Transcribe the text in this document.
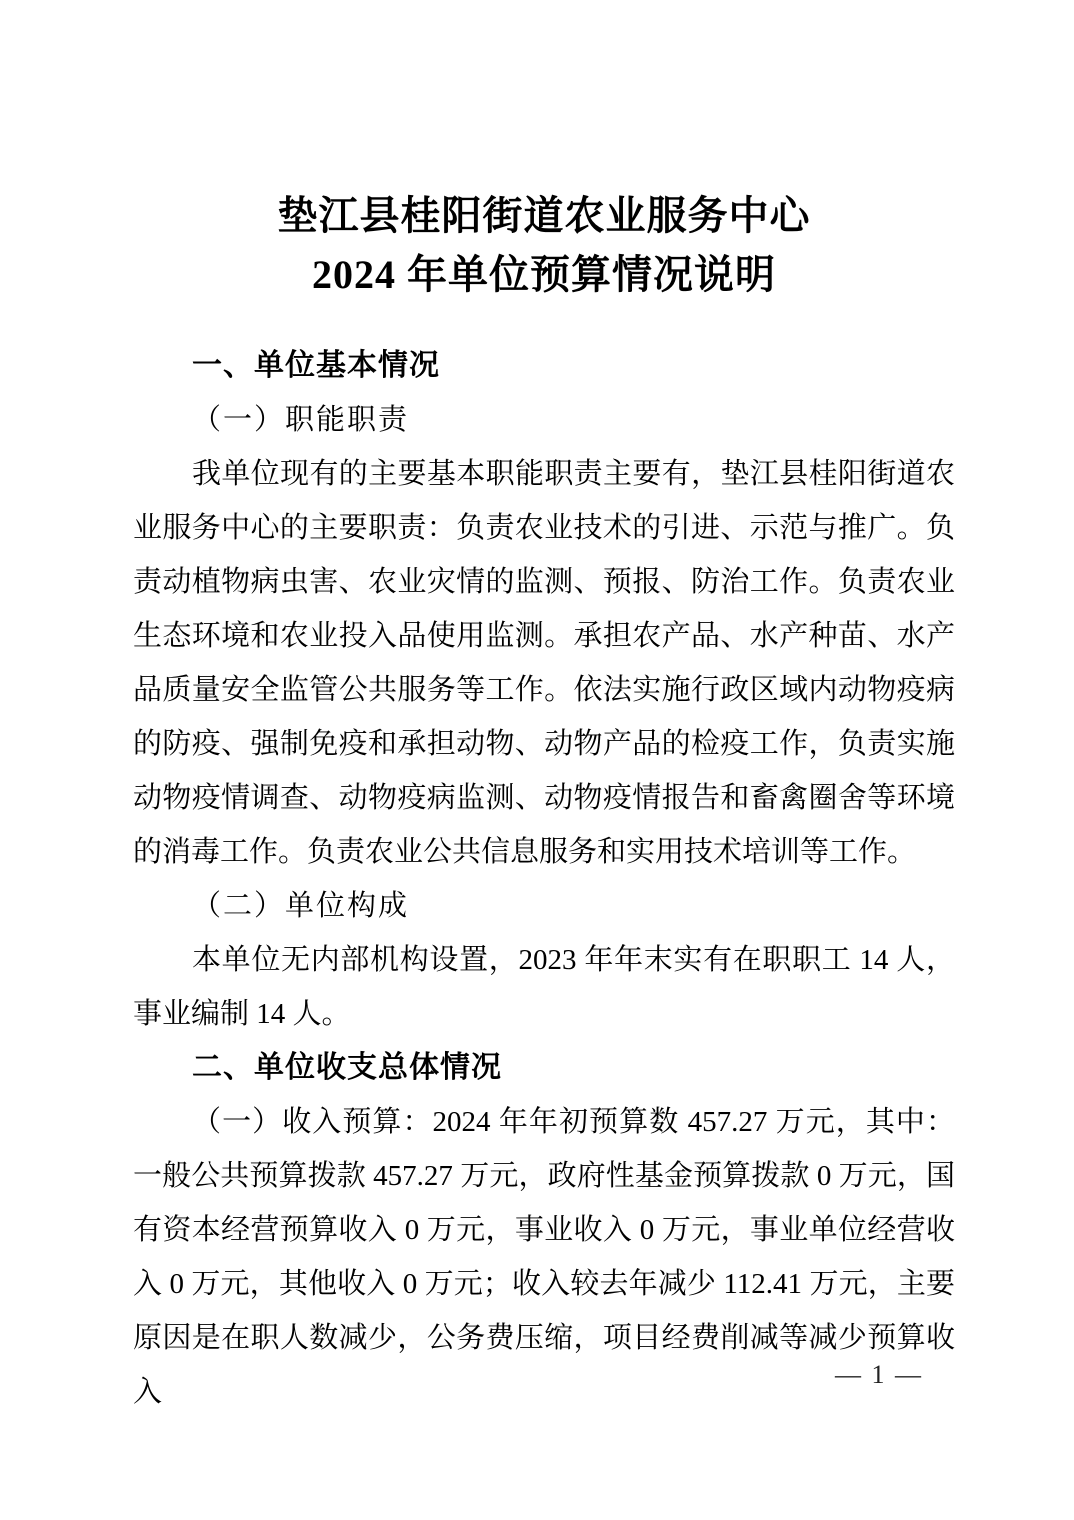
垫江县桂阳街道农业服务中心
2024 年单位预算情况说明
一、单位基本情况
（一）职能职责

我单位现有的主要基本职能职责主要有，垫江县桂阳街道农业服务中心的主要职责：负责农业技术的引进、示范与推广。负责动植物病虫害、农业灾情的监测、预报、防治工作。负责农业生态环境和农业投入品使用监测。承担农产品、水产种苗、水产品质量安全监管公共服务等工作。依法实施行政区域内动物疫病的防疫、强制免疫和承担动物、动物产品的检疫工作，负责实施动物疫情调查、动物疫病监测、动物疫情报告和畜禽圈舍等环境的消毒工作。负责农业公共信息服务和实用技术培训等工作。

（二）单位构成

本单位无内部机构设置，2023 年年末实有在职职工 14 人，事业编制 14 人。

二、单位收支总体情况

（一）收入预算：2024 年年初预算数 457.27 万元，其中：一般公共预算拨款 457.27 万元，政府性基金预算拨款 0 万元，国有资本经营预算收入 0 万元，事业收入 0 万元，事业单位经营收入 0 万元，其他收入 0 万元；收入较去年减少 112.41 万元，主要原因是在职人数减少，公务费压缩，项目经费削减等减少预算收入

— 1 —
